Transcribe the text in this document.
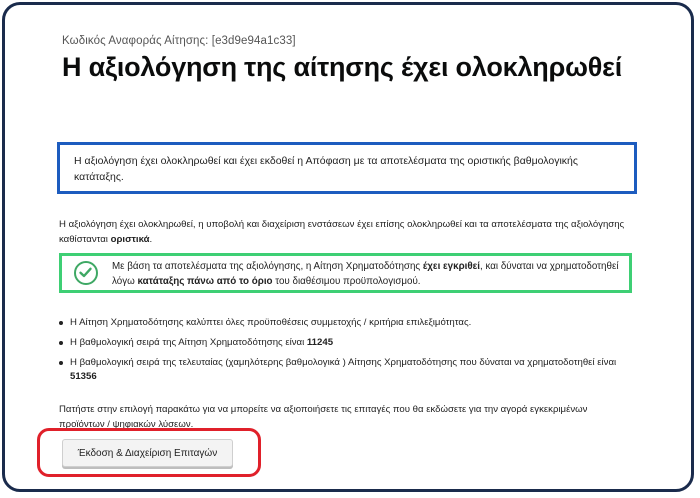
Κωδικός Αναφοράς Αίτησης: [e3d9e94a1c33]

Η αξιολόγηση της αίτησης έχει ολοκληρωθεί
Η αξιολόγηση έχει ολοκληρωθεί και έχει εκδοθεί η Απόφαση με τα αποτελέσματα της οριστικής βαθμολογικής κατάταξης.

Η αξιολόγηση έχει ολοκληρωθεί, η υποβολή και διαχείριση ενστάσεων έχει επίσης ολοκληρωθεί και τα αποτελέσματα της αξιολόγησης καθίστανται οριστικά.

Με βάση τα αποτελέσματα της αξιολόγησης, η Αίτηση Χρηματοδότησης έχει εγκριθεί, και δύναται να χρηματοδοτηθεί λόγω κατάταξης πάνω από το όριο του διαθέσιμου προϋπολογισμού.
Η Αίτηση Χρηματοδότησης καλύπτει όλες προϋποθέσεις συμμετοχής / κριτήρια επιλεξιμότητας.
Η βαθμολογική σειρά της Αίτηση Χρηματοδότησης είναι 11245
Η βαθμολογική σειρά της τελευταίας (χαμηλότερης βαθμολογικά ) Αίτησης Χρηματοδότησης που δύναται να χρηματοδοτηθεί είναι 51356

Πατήστε στην επιλογή παρακάτω για να μπορείτε να αξιοποιήσετε τις επιταγές που θα εκδώσετε για την αγορά εγκεκριμένων προϊόντων / ψηφιακών λύσεων.

Έκδοση & Διαχείριση Επιταγών
